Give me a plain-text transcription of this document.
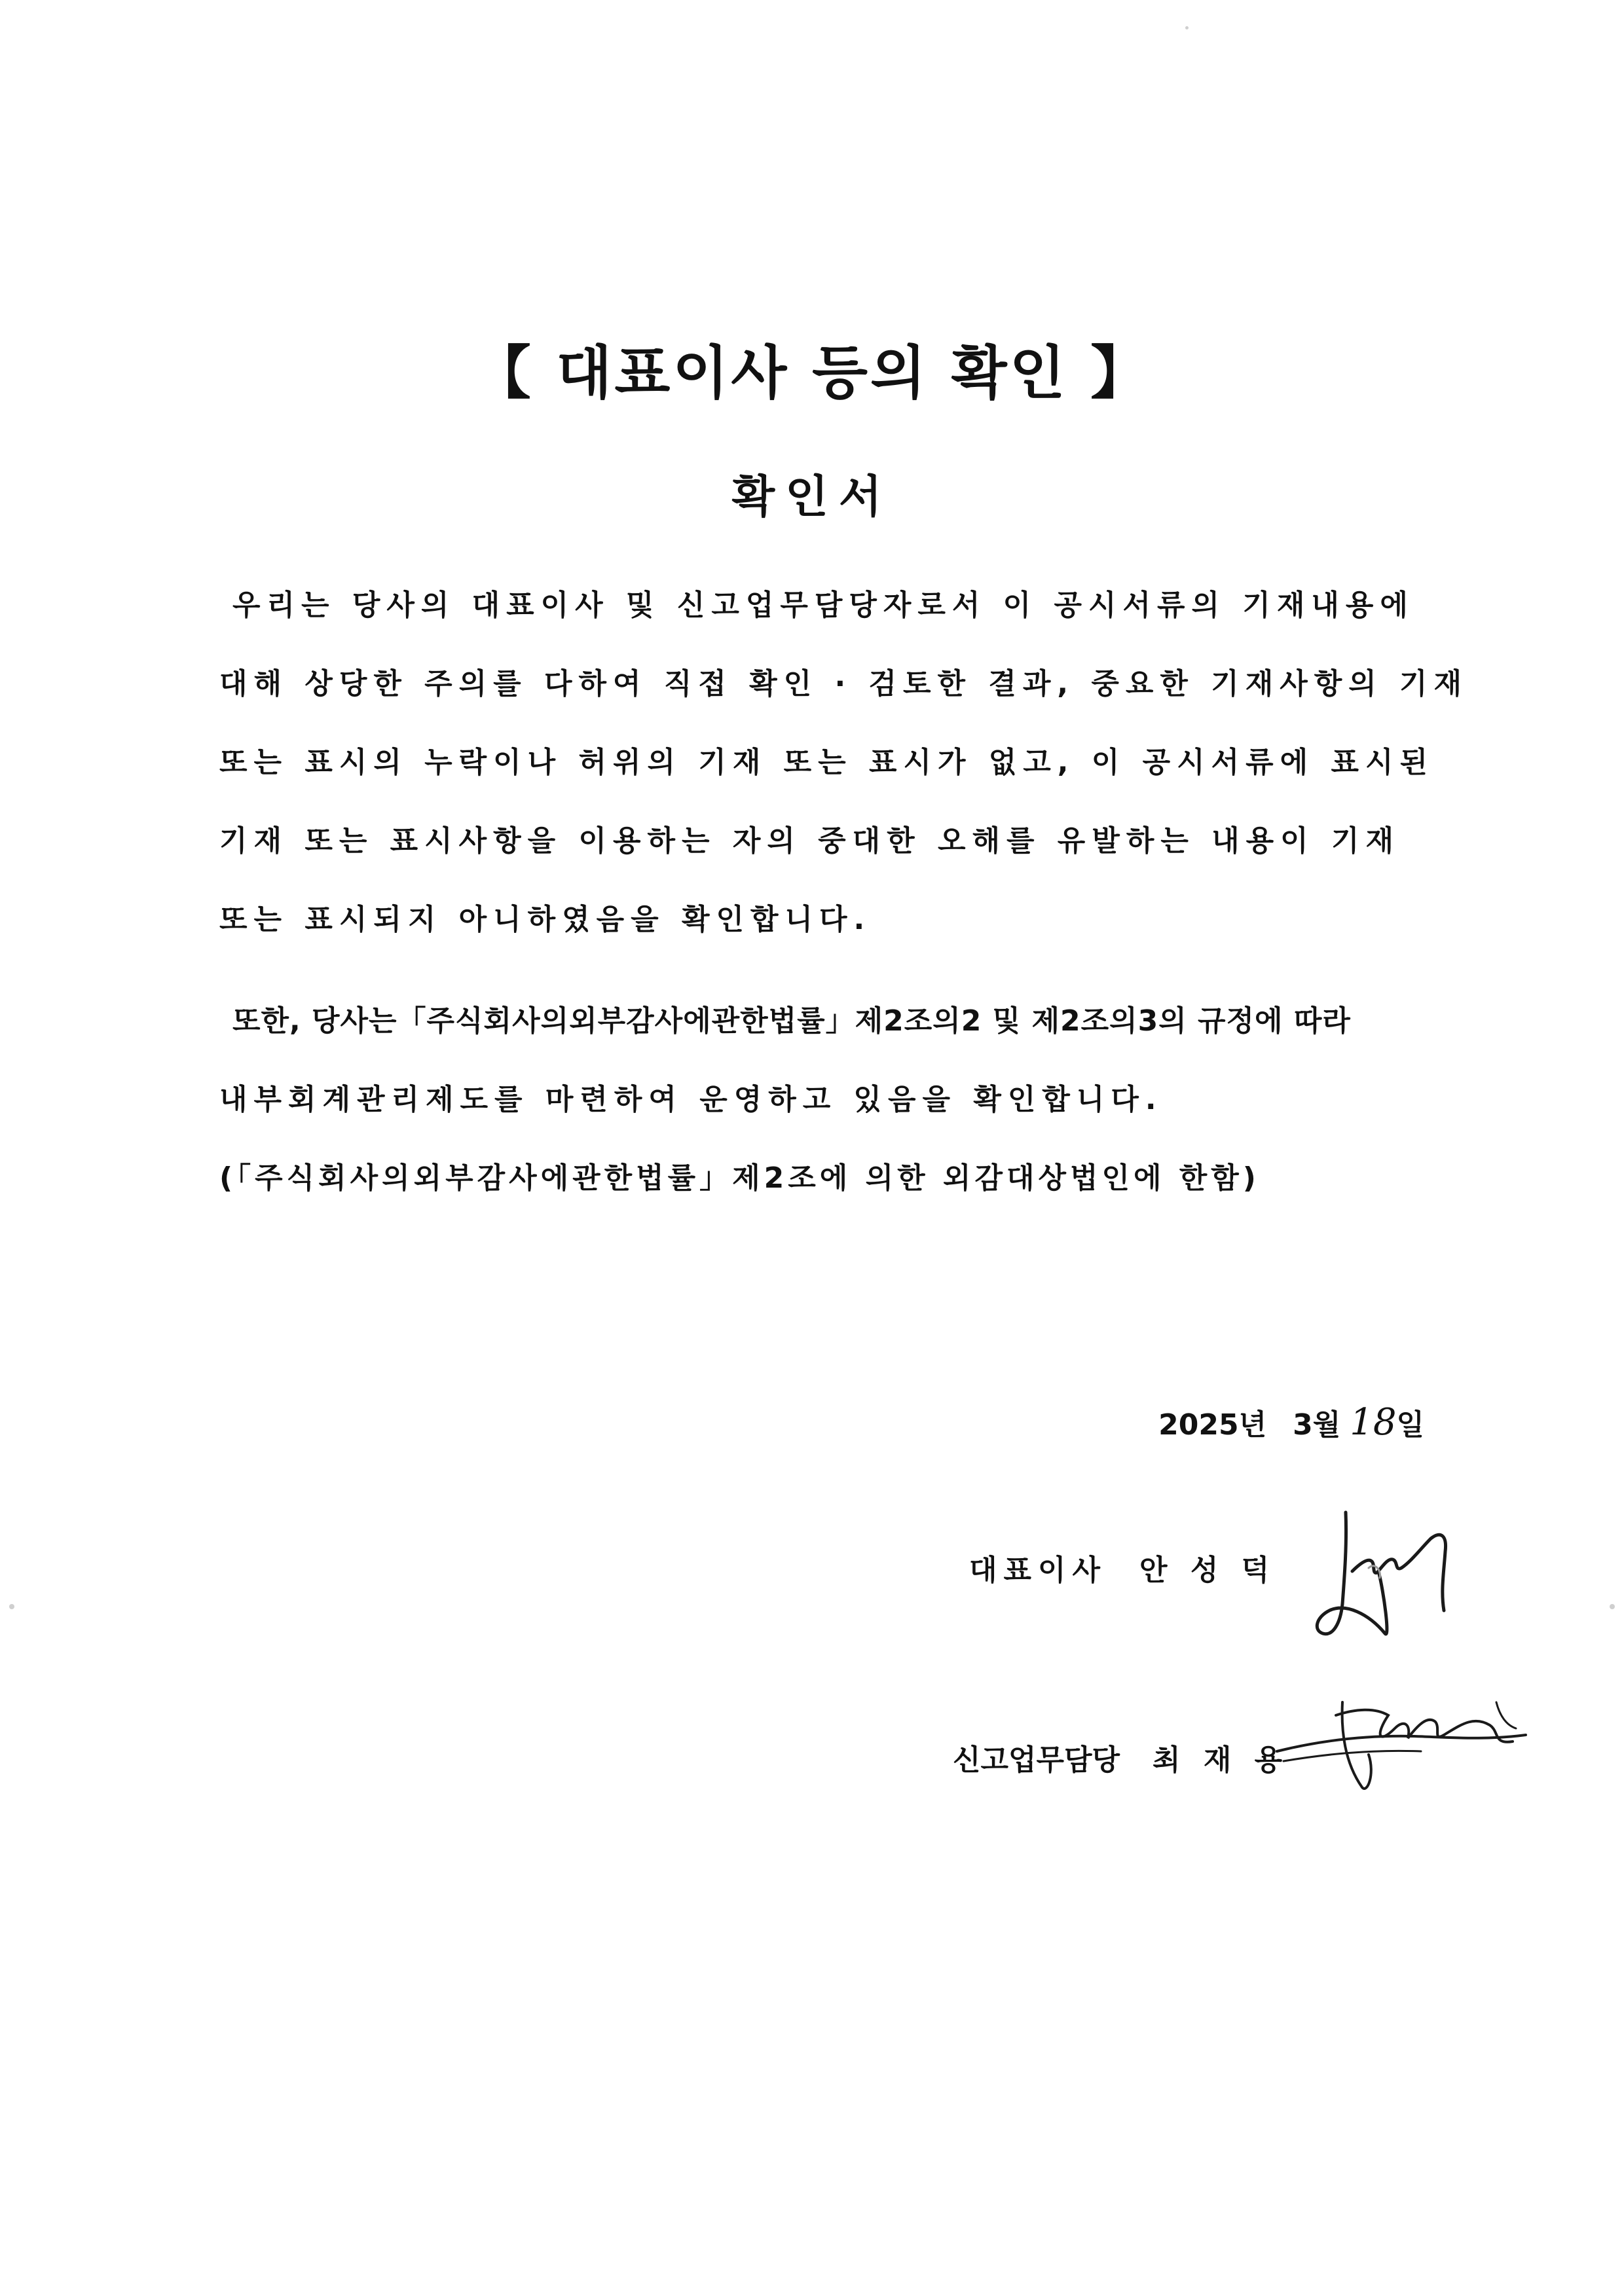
【 대표이사 등의 확인 】
확인서
우리는 당사의 대표이사 및 신고업무담당자로서 이 공시서류의 기재내용에
대해 상당한 주의를 다하여 직접 확인 · 검토한 결과, 중요한 기재사항의 기재
또는 표시의 누락이나 허위의 기재 또는 표시가 없고, 이 공시서류에 표시된
기재 또는 표시사항을 이용하는 자의 중대한 오해를 유발하는 내용이 기재
또는 표시되지 아니하였음을 확인합니다.
또한, 당사는「주식회사의외부감사에관한법률」제2조의2 및 제2조의3의 규정에 따라
내부회계관리제도를 마련하여 운영하고 있음을 확인합니다.
(「주식회사의외부감사에관한법률」제2조에 의한 외감대상법인에 한함)
2025년 3월 18일
대표이사 안 성 덕
신고업무담당 최 재 용
